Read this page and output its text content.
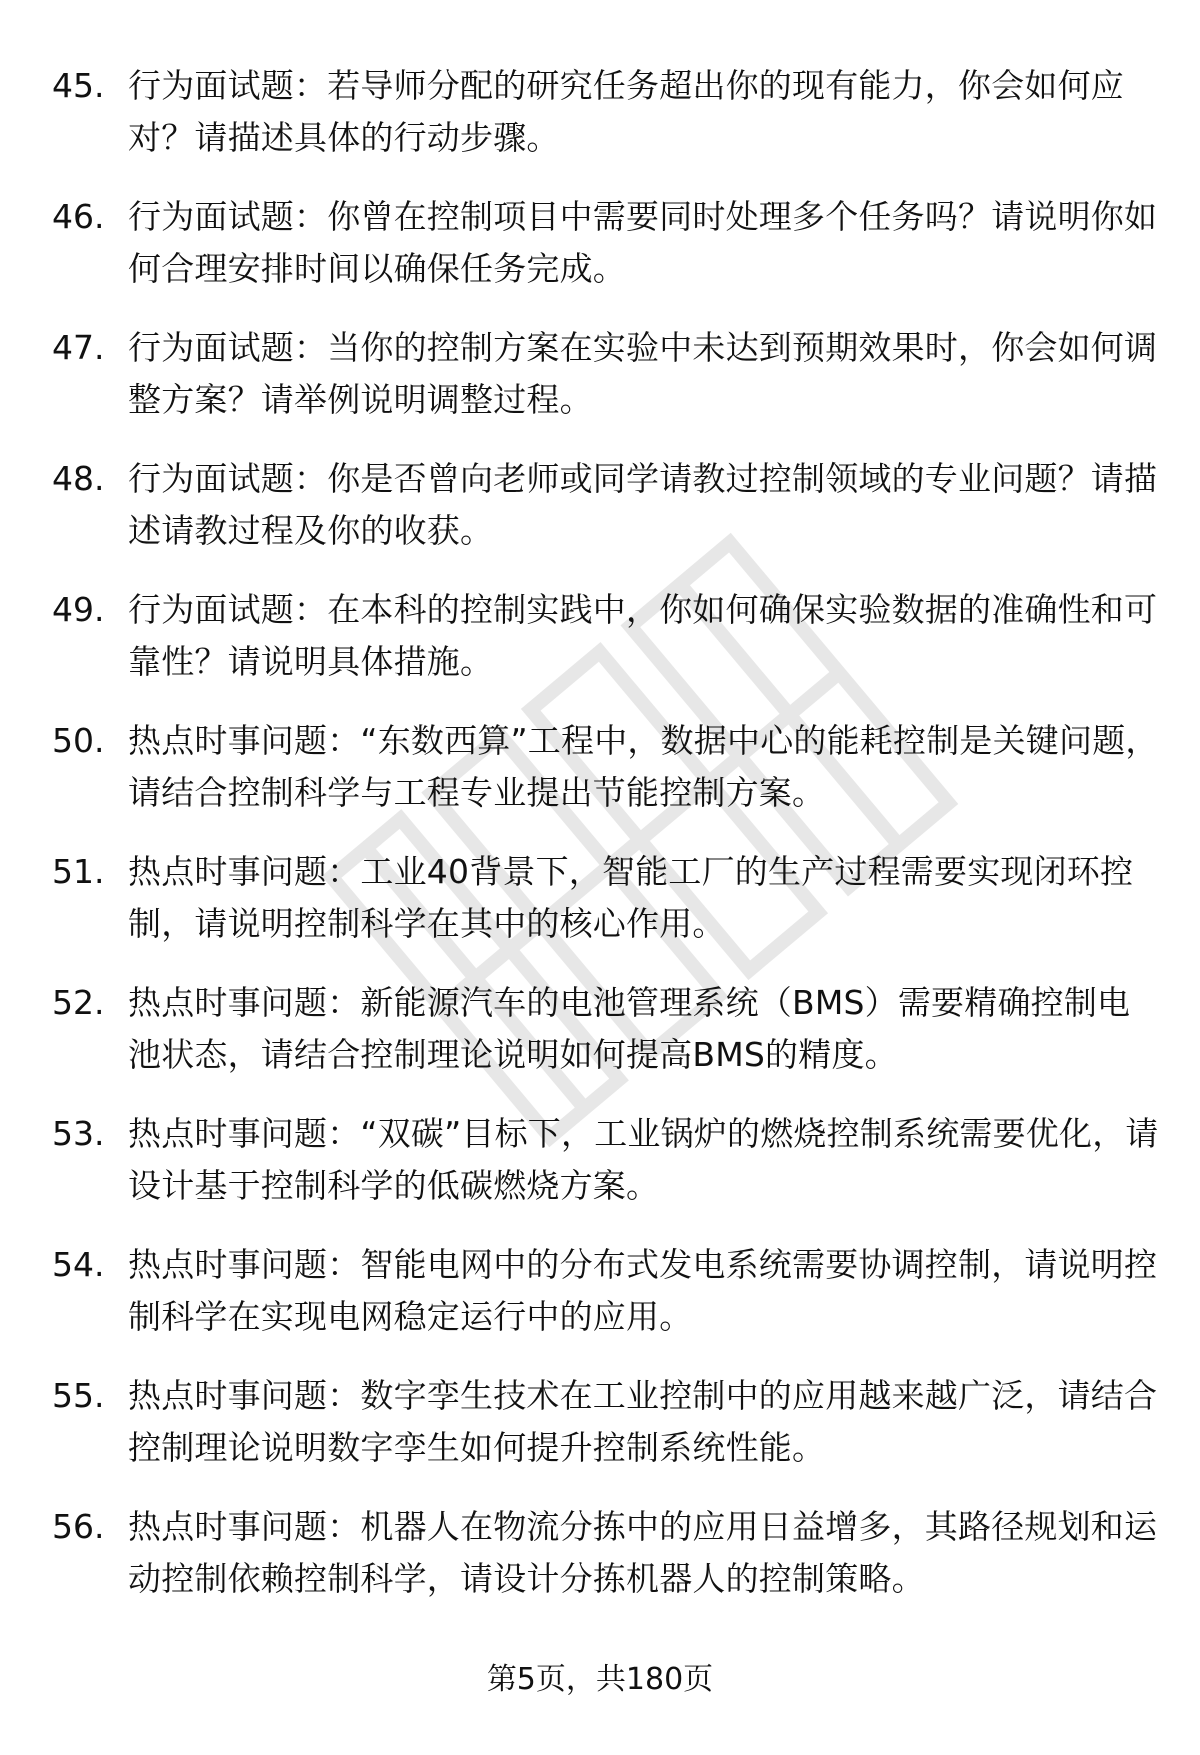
45. 行为面试题：若导师分配的研究任务超出你的现有能力，你会如何应对？请描述具体的行动步骤。
46. 行为面试题：你曾在控制项目中需要同时处理多个任务吗？请说明你如何合理安排时间以确保任务完成。
47. 行为面试题：当你的控制方案在实验中未达到预期效果时，你会如何调整方案？请举例说明调整过程。
48. 行为面试题：你是否曾向老师或同学请教过控制领域的专业问题？请描述请教过程及你的收获。
49. 行为面试题：在本科的控制实践中，你如何确保实验数据的准确性和可靠性？请说明具体措施。
50. 热点时事问题：“东数西算”工程中，数据中心的能耗控制是关键问题，请结合控制科学与工程专业提出节能控制方案。
51. 热点时事问题：工业40背景下，智能工厂的生产过程需要实现闭环控制，请说明控制科学在其中的核心作用。
52. 热点时事问题：新能源汽车的电池管理系统（BMS）需要精确控制电池状态，请结合控制理论说明如何提高BMS的精度。
53. 热点时事问题：“双碳”目标下，工业锅炉的燃烧控制系统需要优化，请设计基于控制科学的低碳燃烧方案。
54. 热点时事问题：智能电网中的分布式发电系统需要协调控制，请说明控制科学在实现电网稳定运行中的应用。
55. 热点时事问题：数字孪生技术在工业控制中的应用越来越广泛，请结合控制理论说明数字孪生如何提升控制系统性能。
56. 热点时事问题：机器人在物流分拣中的应用日益增多，其路径规划和运动控制依赖控制科学，请设计分拣机器人的控制策略。
第5页，共180页
